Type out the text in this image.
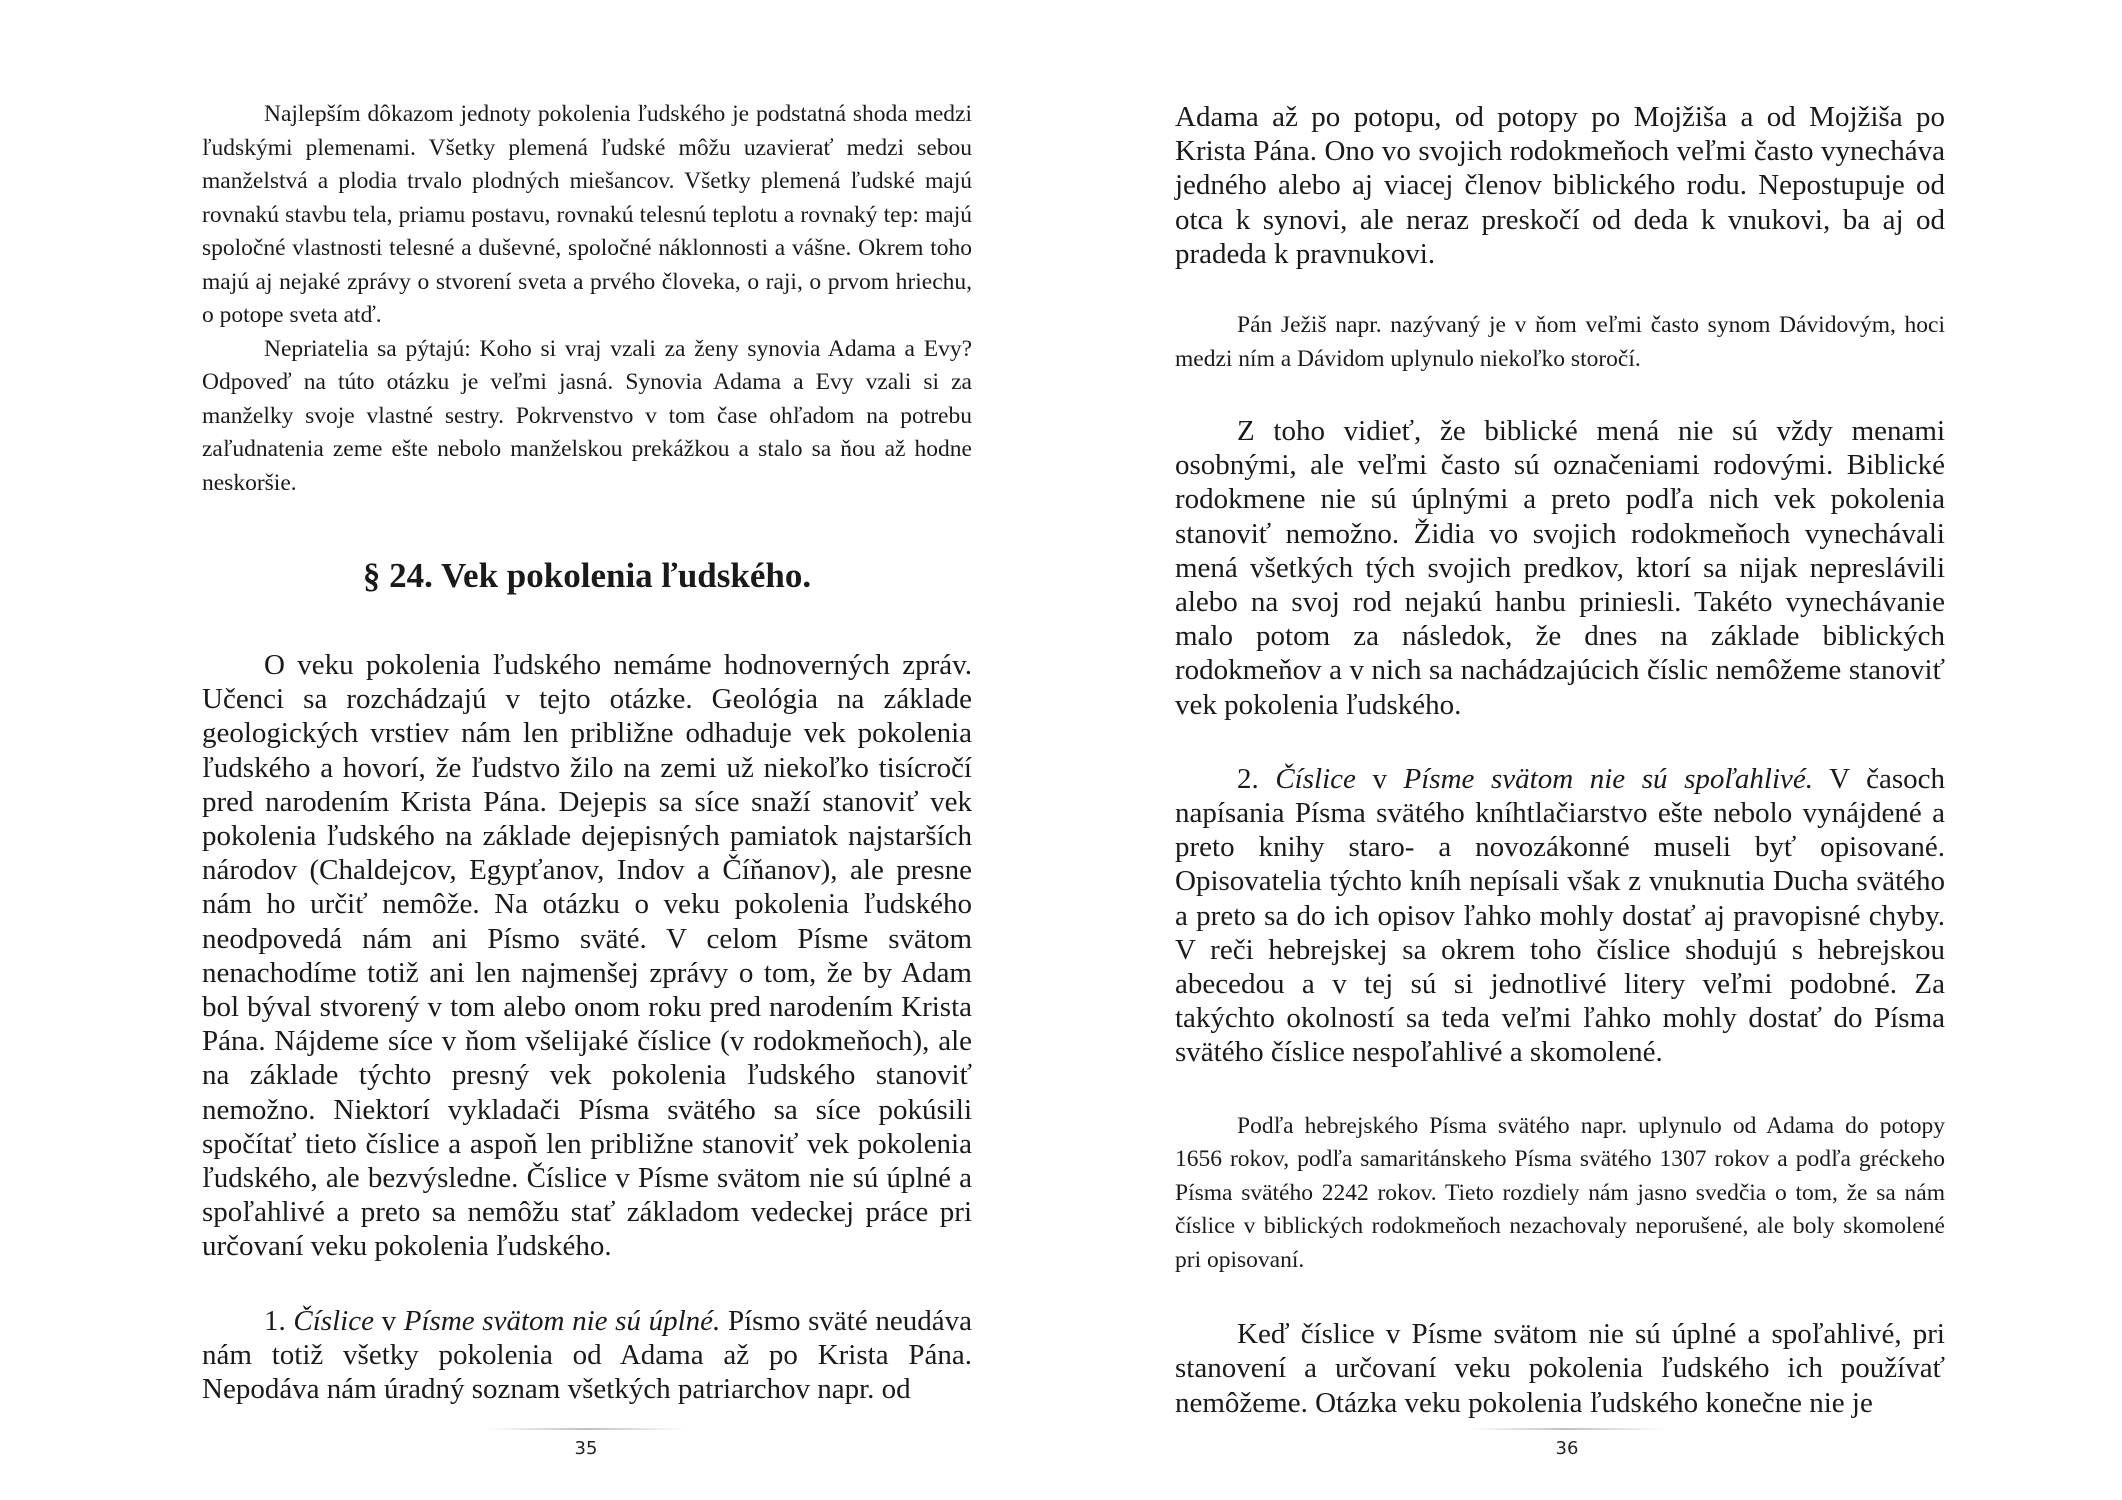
Najlepším dôkazom jednoty pokolenia ľudského je podstatná shoda medzi ľudskými plemenami. Všetky plemená ľudské môžu uzavierať medzi sebou manželstvá a plodia trvalo plodných miešancov. Všetky plemená ľudské majú rovnakú stavbu tela, priamu postavu, rovnakú telesnú teplotu a rovnaký tep: majú spoločné vlastnosti telesné a duševné, spoločné náklonnosti a vášne. Okrem toho majú aj nejaké zprávy o stvorení sveta a prvého človeka, o raji, o prvom hriechu, o potope sveta atď.

Nepriatelia sa pýtajú: Koho si vraj vzali za ženy synovia Adama a Evy? Odpoveď na túto otázku je veľmi jasná. Synovia Adama a Evy vzali si za manželky svoje vlastné sestry. Pokrvenstvo v tom čase ohľadom na potrebu zaľudnatenia zeme ešte nebolo manželskou prekážkou a stalo sa ňou až hodne neskoršie.

§ 24. Vek pokolenia ľudského.

O veku pokolenia ľudského nemáme hodnoverných zpráv. Učenci sa rozchádzajú v tejto otázke. Geológia na základe geologických vrstiev nám len približne odhaduje vek pokolenia ľudského a hovorí, že ľudstvo žilo na zemi už niekoľko tisícročí pred narodením Krista Pána. Dejepis sa síce snaží stanoviť vek pokolenia ľudského na základe dejepisných pamiatok najstarších národov (Chaldejcov, Egypťanov, Indov a Číňanov), ale presne nám ho určiť nemôže. Na otázku o veku pokolenia ľudského neodpovedá nám ani Písmo sväté. V celom Písme svätom nenachodíme totiž ani len najmenšej zprávy o tom, že by Adam bol býval stvorený v tom alebo onom roku pred narodením Krista Pána. Nájdeme síce v ňom všelijaké číslice (v rodokmeňoch), ale na základe týchto presný vek pokolenia ľudského stanoviť nemožno. Niektorí vykladači Písma svätého sa síce pokúsili spočítať tieto číslice a aspoň len približne stanoviť vek pokolenia ľudského, ale bezvýsledne. Číslice v Písme svätom nie sú úplné a spoľahlivé a preto sa nemôžu stať základom vedeckej práce pri určovaní veku pokolenia ľudského.

1. Číslice v Písme svätom nie sú úplné. Písmo sväté neudáva nám totiž všetky pokolenia od Adama až po Krista Pána. Nepodáva nám úradný soznam všetkých patriarchov napr. od

35

Adama až po potopu, od potopy po Mojžiša a od Mojžiša po Krista Pána. Ono vo svojich rodokmeňoch veľmi často vynecháva jedného alebo aj viacej členov biblického rodu. Nepostupuje od otca k synovi, ale neraz preskočí od deda k vnukovi, ba aj od pradeda k pravnukovi.

Pán Ježiš napr. nazývaný je v ňom veľmi často synom Dávidovým, hoci medzi ním a Dávidom uplynulo niekoľko storočí.

Z toho vidieť, že biblické mená nie sú vždy menami osobnými, ale veľmi často sú označeniami rodovými. Biblické rodokmene nie sú úplnými a preto podľa nich vek pokolenia stanoviť nemožno. Židia vo svojich rodokmeňoch vynechávali mená všetkých tých svojich predkov, ktorí sa nijak nepreslávili alebo na svoj rod nejakú hanbu priniesli. Takéto vynechávanie malo potom za následok, že dnes na základe biblických rodokmeňov a v nich sa nachádzajúcich číslic nemôžeme stanoviť vek pokolenia ľudského.

2. Číslice v Písme svätom nie sú spoľahlivé. V časoch napísania Písma svätého kníhtlačiarstvo ešte nebolo vynájdené a preto knihy staro- a novozákonné museli byť opisované. Opisovatelia týchto kníh nepísali však z vnuknutia Ducha svätého a preto sa do ich opisov ľahko mohly dostať aj pravopisné chyby. V reči hebrejskej sa okrem toho číslice shodujú s hebrejskou abecedou a v tej sú si jednotlivé litery veľmi podobné. Za takýchto okolností sa teda veľmi ľahko mohly dostať do Písma svätého číslice nespoľahlivé a skomolené.

Podľa hebrejského Písma svätého napr. uplynulo od Adama do potopy 1656 rokov, podľa samaritánskeho Písma svätého 1307 rokov a podľa gréckeho Písma svätého 2242 rokov. Tieto rozdiely nám jasno svedčia o tom, že sa nám číslice v biblických rodokmeňoch nezachovaly neporušené, ale boly skomolené pri opisovaní.

Keď číslice v Písme svätom nie sú úplné a spoľahlivé, pri stanovení a určovaní veku pokolenia ľudského ich používať nemôžeme. Otázka veku pokolenia ľudského konečne nie je

36
